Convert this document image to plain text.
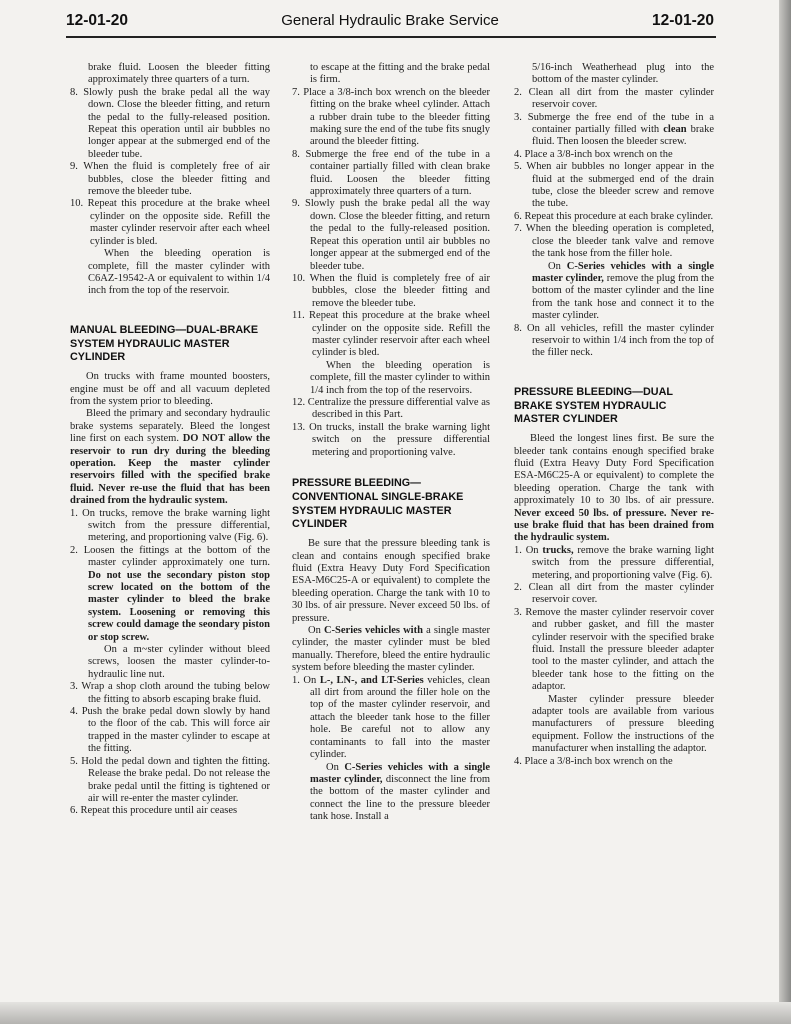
12-01-20	General Hydraulic Brake Service	12-01-20

brake fluid. Loosen the bleeder fitting approximately three quarters of a turn.

8. Slowly push the brake pedal all the way down. Close the bleeder fitting, and return the pedal to the fully-released position. Repeat this operation until air bubbles no longer appear at the submerged end of the bleeder tube.

9. When the fluid is completely free of air bubbles, close the bleeder fitting and remove the bleeder tube.

10. Repeat this procedure at the brake wheel cylinder on the opposite side. Refill the master cylinder reservoir after each wheel cylinder is bled.

When the bleeding operation is complete, fill the master cylinder with C6AZ-19542-A or equivalent to within 1/4 inch from the top of the reservoir.

MANUAL BLEEDING—DUAL-BRAKE SYSTEM HYDRAULIC MASTER CYLINDER

On trucks with frame mounted boosters, engine must be off and all vacuum depleted from the system prior to bleeding.

Bleed the primary and secondary hydraulic brake systems separately. Bleed the longest line first on each system. DO NOT allow the reservoir to run dry during the bleeding operation. Keep the master cylinder reservoirs filled with the specified brake fluid. Never re-use the fluid that has been drained from the hydraulic system.

1. On trucks, remove the brake warning light switch from the pressure differential, metering, and proportioning valve (Fig. 6).

2. Loosen the fittings at the bottom of the master cylinder approximately one turn. Do not use the secondary piston stop screw located on the bottom of the master cylinder to bleed the brake system. Loosening or removing this screw could damage the seondary piston or stop screw.

On a m~ster cylinder without bleed screws, loosen the master cylinder-to-hydraulic line nut.

3. Wrap a shop cloth around the tubing below the fitting to absorb escaping brake fluid.

4. Push the brake pedal down slowly by hand to the floor of the cab. This will force air trapped in the master cylinder to escape at the fitting.

5. Hold the pedal down and tighten the fitting. Release the brake pedal. Do not release the brake pedal until the fitting is tightened or air will re-enter the master cylinder.

6. Repeat this procedure until air ceases

to escape at the fitting and the brake pedal is firm.

7. Place a 3/8-inch box wrench on the bleeder fitting on the brake wheel cylinder. Attach a rubber drain tube to the bleeder fitting making sure the end of the tube fits snugly around the bleeder fitting.

8. Submerge the free end of the tube in a container partially filled with clean brake fluid. Loosen the bleeder fitting approximately three quarters of a turn.

9. Slowly push the brake pedal all the way down. Close the bleeder fitting, and return the pedal to the fully-released position. Repeat this operation until air bubbles no longer appear at the submerged end of the bleeder tube.

10. When the fluid is completely free of air bubbles, close the bleeder fitting and remove the bleeder tube.

11. Repeat this procedure at the brake wheel cylinder on the opposite side. Refill the master cylinder reservoir after each wheel cylinder is bled.

When the bleeding operation is complete, fill the master cylinder to within 1/4 inch from the top of the reservoirs.

12. Centralize the pressure differential valve as described in this Part.

13. On trucks, install the brake warning light switch on the pressure differential metering and proportioning valve.

PRESSURE BLEEDING—CONVENTIONAL SINGLE-BRAKE SYSTEM HYDRAULIC MASTER CYLINDER

Be sure that the pressure bleeding tank is clean and contains enough specified brake fluid (Extra Heavy Duty Ford Specification ESA-M6C25-A or equivalent) to complete the bleeding operation. Charge the tank with 10 to 30 lbs. of air pressure. Never exceed 50 lbs. of pressure.

On C-Series vehicles with a single master cylinder, the master cylinder must be bled manually. Therefore, bleed the entire hydraulic system before bleeding the master cylinder.

1. On L-, LN-, and LT-Series vehicles, clean all dirt from around the filler hole on the top of the master cylinder reservoir, and attach the bleeder tank hose to the filler hole. Be careful not to allow any contaminants to fall into the master cylinder.

On C-Series vehicles with a single master cylinder, disconnect the line from the bottom of the master cylinder and connect the line to the pressure bleeder tank hose. Install a

5/16-inch Weatherhead plug into the bottom of the master cylinder.

2. Clean all dirt from the master cylinder reservoir cover.

3. Submerge the free end of the tube in a container partially filled with clean brake fluid. Then loosen the bleeder screw.

4. Place a 3/8-inch box wrench on the

5. When air bubbles no longer appear in the fluid at the submerged end of the drain tube, close the bleeder screw and remove the tube.

6. Repeat this procedure at each brake cylinder.

7. When the bleeding operation is completed, close the bleeder tank valve and remove the tank hose from the filler hole.

On C-Series vehicles with a single master cylinder, remove the plug from the bottom of the master cylinder and the line from the tank hose and connect it to the master cylinder.

8. On all vehicles, refill the master cylinder reservoir to within 1/4 inch from the top of the filler neck.

PRESSURE BLEEDING—DUAL BRAKE SYSTEM HYDRAULIC MASTER CYLINDER

Bleed the longest lines first. Be sure the bleeder tank contains enough specified brake fluid (Extra Heavy Duty Ford Specification ESA-M6C25-A or equivalent) to complete the bleeding operation. Charge the tank with approximately 10 to 30 lbs. of air pressure. Never exceed 50 lbs. of pressure. Never re-use brake fluid that has been drained from the hydraulic system.

1. On trucks, remove the brake warning light switch from the pressure differential, metering, and proportioning valve (Fig. 6).

2. Clean all dirt from the master cylinder reservoir cover.

3. Remove the master cylinder reservoir cover and rubber gasket, and fill the master cylinder reservoir with the specified brake fluid. Install the pressure bleeder adapter tool to the master cylinder, and attach the bleeder tank hose to the fitting on the adaptor.

Master cylinder pressure bleeder adapter tools are available from various manufacturers of pressure bleeding equipment. Follow the instructions of the manufacturer when installing the adaptor.

4. Place a 3/8-inch box wrench on the
